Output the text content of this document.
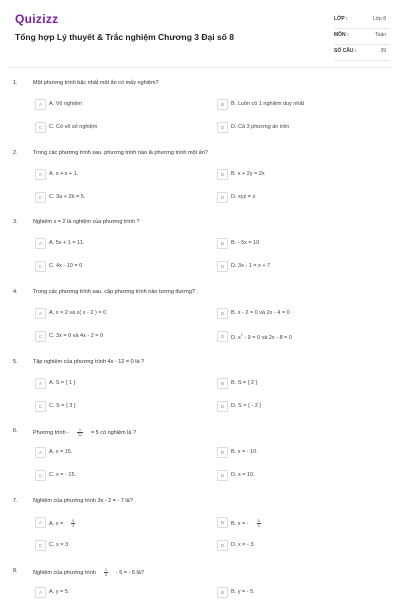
Quizizz
Tổng hợp Lý thuyết & Trắc nghiệm Chương 3 Đại số 8
LỚP :	Lớp 8
MÔN :	Toán
SỐ CÂU :	39
1.	Một phương trình bậc nhất một ẩn có mấy nghiệm?
A	A. Vô nghiệm	B	B. Luôn có 1 nghiệm duy nhất
C	C. Có vô số nghiệm	D	D. Cả 3 phương án trên
2.	Trong các phương trình sau, phương trình nào là phương trình một ẩn?
A	A. x + x + 1.	B	B. x + 2y = 2x
C	C. 3a + 2b = 5.	D	D. xyz = x
3.	Nghiệm x = 2 là nghiệm của phương trình ?
A	A. 5x + 1 = 11.	B	B. - 5x = 10
C	C. 4x - 10 = 0	D	D. 3x - 1 = x + 7
4.	Trong các phương trình sau, cặp phương trình nào tương đương?
A	A. x = 2 và x( x - 2 ) = 0	B	B. x - 2 = 0 và 2x - 4 = 0
C	C. 3x = 0 và 4x - 2 = 0	D	D. $x^2 - 9 = 0$ và 2x - 8 = 0
5.	Tập nghiệm của phương trình 4x - 12 = 0 là ?
A	A. S = { 1 }	B	B. S = { 2 }
C	C. S = { 3 }	D	D. S = { - 3 }
6.	Phương trình - $\frac{1}{21} = 5$ có nghiệm là ?
A	A. x = 15.	B	B. x = - 10.
C	C. x = - 15.	D	D. x = 10.
7.	Nghiệm của phương trình 3x - 2 = - 7 là?
A	A. $x = \frac{5}{3}$	B	B. x = - $\frac{5}{3}$
C	C. x = 3	D	D. x = - 3.
8.	Nghiệm của phương trình $\frac{1}{3} - 5$ = - 5 là?
A	A. y = 5.	B	B. y = - 5.
